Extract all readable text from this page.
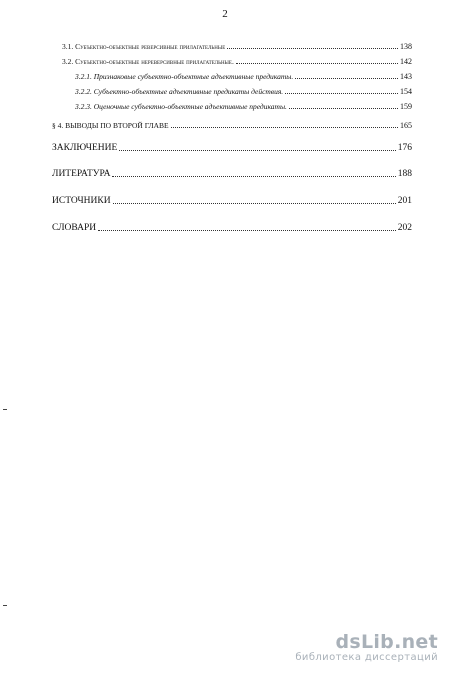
2
3.1. Субъектно-объектные реверсивные прилагательные	138
3.2. Субъектно-объектные нереверсивные прилагательные.	142
3.2.1. Признаковые субъектно-объектные адъективные предикаты.	143
3.2.2. Субъектно-объектные адъективные предикаты действия.	154
3.2.3. Оценочные субъектно-объектные адъективные предикаты.	159
§ 4. ВЫВОДЫ ПО ВТОРОЙ ГЛАВЕ	165
ЗАКЛЮЧЕНИЕ	176
ЛИТЕРАТУРА	188
ИСТОЧНИКИ	201
СЛОВАРИ	202
dsLib.net
библиотека диссертаций
